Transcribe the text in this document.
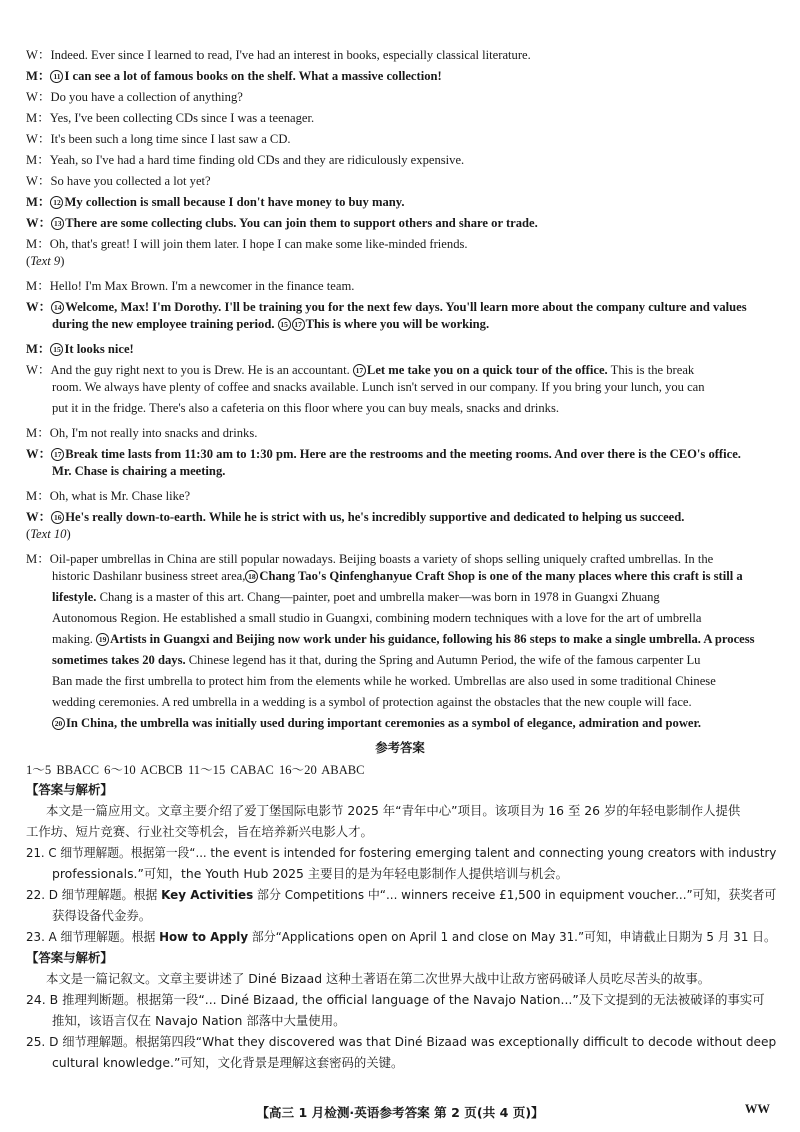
W：Indeed. Ever since I learned to read, I've had an interest in books, especially classical literature.
M： 11 I can see a lot of famous books on the shelf. What a massive collection!
W：Do you have a collection of anything?
M：Yes, I've been collecting CDs since I was a teenager.
W：It's been such a long time since I last saw a CD.
M：Yeah, so I've had a hard time finding old CDs and they are ridiculously expensive.
W：So have you collected a lot yet?
M： 12 My collection is small because I don't have money to buy many.
W： 13 There are some collecting clubs. You can join them to support others and share or trade.
M：Oh, that's great! I will join them later. I hope I can make some like-minded friends.
(Text 9)
M：Hello! I'm Max Brown. I'm a newcomer in the finance team.
W： 14 Welcome, Max! I'm Dorothy. I'll be training you for the next few days. You'll learn more about the company culture and values
during the new employee training period. 15 17 This is where you will be working.
M： 15 It looks nice!
W：And the guy right next to you is Drew. He is an accountant. 17 Let me take you on a quick tour of the office. This is the break
room. We always have plenty of coffee and snacks available. Lunch isn't served in our company. If you bring your lunch, you can
put it in the fridge. There's also a cafeteria on this floor where you can buy meals, snacks and drinks.
M：Oh, I'm not really into snacks and drinks.
W： 17 Break time lasts from 11:30 am to 1:30 pm. Here are the restrooms and the meeting rooms. And over there is the CEO's office.
Mr. Chase is chairing a meeting.
M：Oh, what is Mr. Chase like?
W： 16 He's really down-to-earth. While he is strict with us, he's incredibly supportive and dedicated to helping us succeed.
(Text 10)
M：Oil-paper umbrellas in China are still popular nowadays. Beijing boasts a variety of shops selling uniquely crafted umbrellas. In the
historic Dashilanr business street area, 18 Chang Tao's Qinfenghanyue Craft Shop is one of the many places where this craft is still a
lifestyle. Chang is a master of this art. Chang—painter, poet and umbrella maker—was born in 1978 in Guangxi Zhuang
Autonomous Region. He established a small studio in Guangxi, combining modern techniques with a love for the art of umbrella
making. 19 Artists in Guangxi and Beijing now work under his guidance, following his 86 steps to make a single umbrella. A process
sometimes takes 20 days. Chinese legend has it that, during the Spring and Autumn Period, the wife of the famous carpenter Lu
Ban made the first umbrella to protect him from the elements while he worked. Umbrellas are also used in some traditional Chinese
wedding ceremonies. A red umbrella in a wedding is a symbol of protection against the obstacles that the new couple will face.
20 In China, the umbrella was initially used during important ceremonies as a symbol of elegance, admiration and power.
参考答案
1～5 BBACC 6～10 ACBCB 11～15 CABAC 16～20 ABABC
【答案与解析】
本文是一篇应用文。文章主要介绍了爱丁堡国际电影节 2025 年“青年中心”项目。该项目为 16 至 26 岁的年轻电影制作人提供
工作坊、短片竞赛、行业社交等机会，旨在培养新兴电影人才。
21. C 细节理解题。根据第一段“... the event is intended for fostering emerging talent and connecting young creators with industry
professionals.”可知，the Youth Hub 2025 主要目的是为年轻电影制作人提供培训与机会。
22. D 细节理解题。根据 Key Activities 部分 Competitions 中“... winners receive £1,500 in equipment voucher...”可知，获奖者可
获得设备代金券。
23. A 细节理解题。根据 How to Apply 部分“Applications open on April 1 and close on May 31.”可知，申请截止日期为 5 月 31 日。
【答案与解析】
本文是一篇记叙文。文章主要讲述了 Diné Bizaad 这种土著语在第二次世界大战中让敌方密码破译人员吃尽苦头的故事。
24. B 推理判断题。根据第一段“... Diné Bizaad, the official language of the Navajo Nation...”及下文提到的无法被破译的事实可
推知，该语言仅在 Navajo Nation 部落中大量使用。
25. D 细节理解题。根据第四段“What they discovered was that Diné Bizaad was exceptionally difficult to decode without deep
cultural knowledge.”可知，文化背景是理解这套密码的关键。
【高三 1 月检测·英语参考答案 第 2 页(共 4 页)】	WW
